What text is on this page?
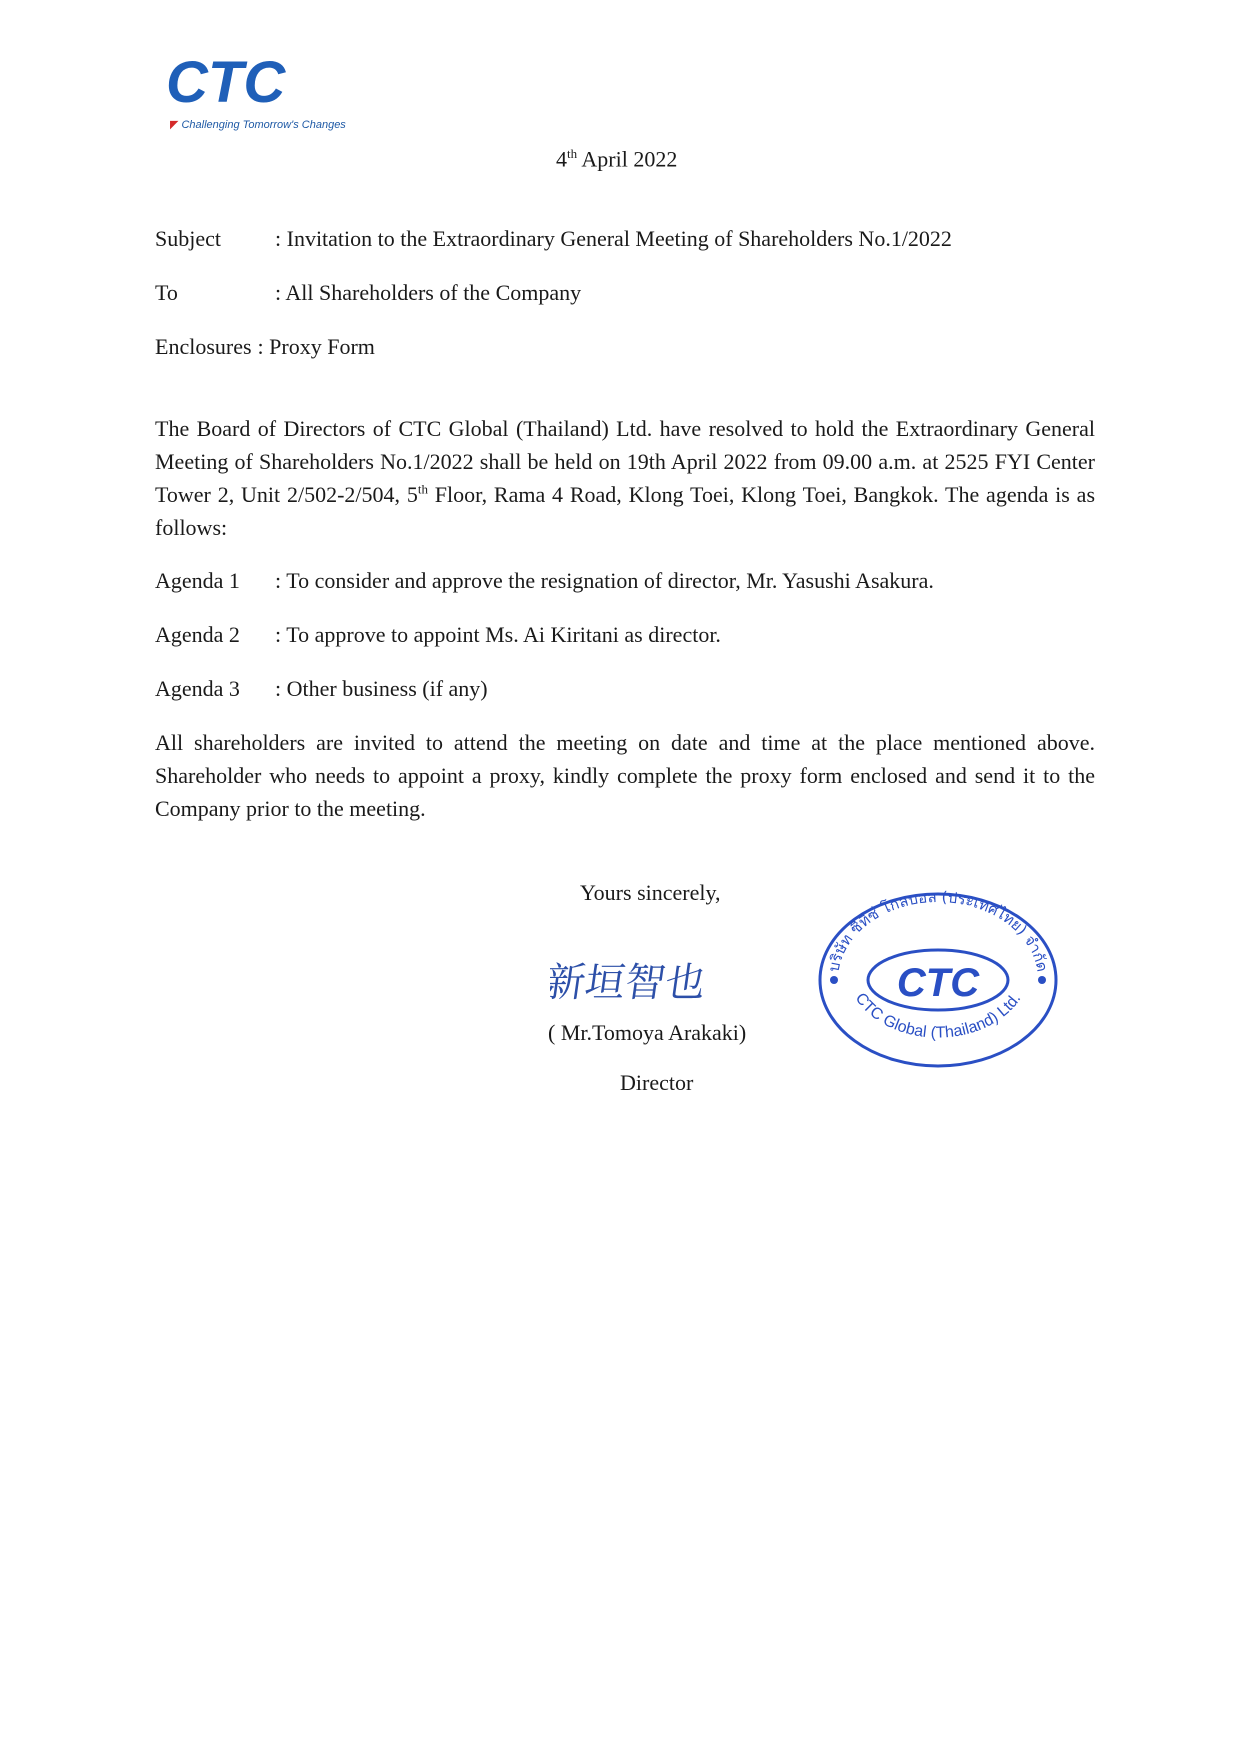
CTC
◤ Challenging Tomorrow's Changes
4th April 2022
Subject : Invitation to the Extraordinary General Meeting of Shareholders No.1/2022
To	: All Shareholders of the Company
Enclosures : Proxy Form
The Board of Directors of CTC Global (Thailand) Ltd. have resolved to hold the Extraordinary General Meeting of Shareholders No.1/2022 shall be held on 19th April 2022 from 09.00 a.m. at 2525 FYI Center Tower 2, Unit 2/502-2/504, 5th Floor, Rama 4 Road, Klong Toei, Klong Toei, Bangkok. The agenda is as follows:
Agenda 1 : To consider and approve the resignation of director, Mr. Yasushi Asakura.
Agenda 2 : To approve to appoint Ms. Ai Kiritani as director.
Agenda 3 : Other business (if any)
All shareholders are invited to attend the meeting on date and time at the place mentioned above. Shareholder who needs to appoint a proxy, kindly complete the proxy form enclosed and send it to the Company prior to the meeting.
Yours sincerely,
新垣智也
( Mr.Tomoya Arakaki)
Director
บริษัท ซีทีซี โกลบอล (ประเทศไทย) จำกัด
CTC
CTC Global (Thailand) Ltd.
